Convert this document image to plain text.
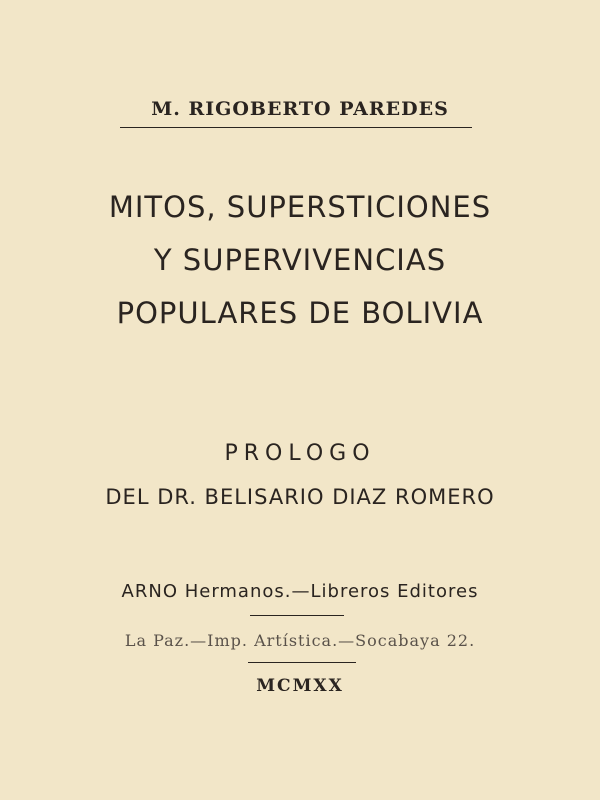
M. RIGOBERTO PAREDES
MITOS, SUPERSTICIONES
Y SUPERVIVENCIAS
POPULARES DE BOLIVIA
PROLOGO
DEL DR. BELISARIO DIAZ ROMERO
ARNO Hermanos.—Libreros Editores
La Paz.—Imp. Artística.—Socabaya 22.
MCMXX
